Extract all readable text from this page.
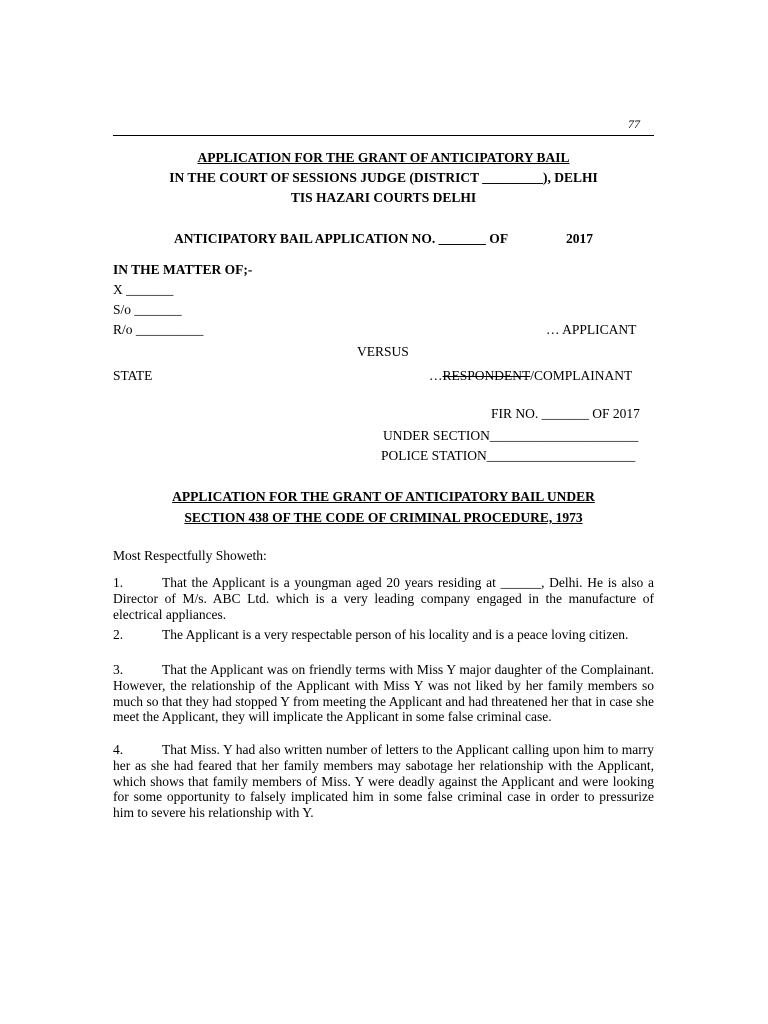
77
APPLICATION FOR THE GRANT OF ANTICIPATORY BAIL
IN THE COURT OF SESSIONS JUDGE (DISTRICT _________), DELHI
TIS HAZARI COURTS DELHI
ANTICIPATORY BAIL APPLICATION NO. _______ OF	2017
IN THE MATTER OF;-
X _______
S/o _______
R/o __________	… APPLICANT
VERSUS
STATE	…RESPONDENT/COMPLAINANT
FIR NO. _______ OF 2017
UNDER SECTION______________________
POLICE STATION______________________
APPLICATION FOR THE GRANT OF ANTICIPATORY BAIL UNDER
SECTION 438 OF THE CODE OF CRIMINAL PROCEDURE, 1973
Most Respectfully Showeth:
1.	That the Applicant is a youngman aged 20 years residing at ______, Delhi. He is also a Director of M/s. ABC Ltd. which is a very leading company engaged in the manufacture of electrical appliances.
2.	The Applicant is a very respectable person of his locality and is a peace loving citizen.
3.	That the Applicant was on friendly terms with Miss Y major daughter of the Complainant. However, the relationship of the Applicant with Miss Y was not liked by her family members so much so that they had stopped Y from meeting the Applicant and had threatened her that in case she meet the Applicant, they will implicate the Applicant in some false criminal case.
4.	That Miss. Y had also written number of letters to the Applicant calling upon him to marry her as she had feared that her family members may sabotage her relationship with the Applicant, which shows that family members of Miss. Y were deadly against the Applicant and were looking for some opportunity to falsely implicated him in some false criminal case in order to pressurize him to severe his relationship with Y.
